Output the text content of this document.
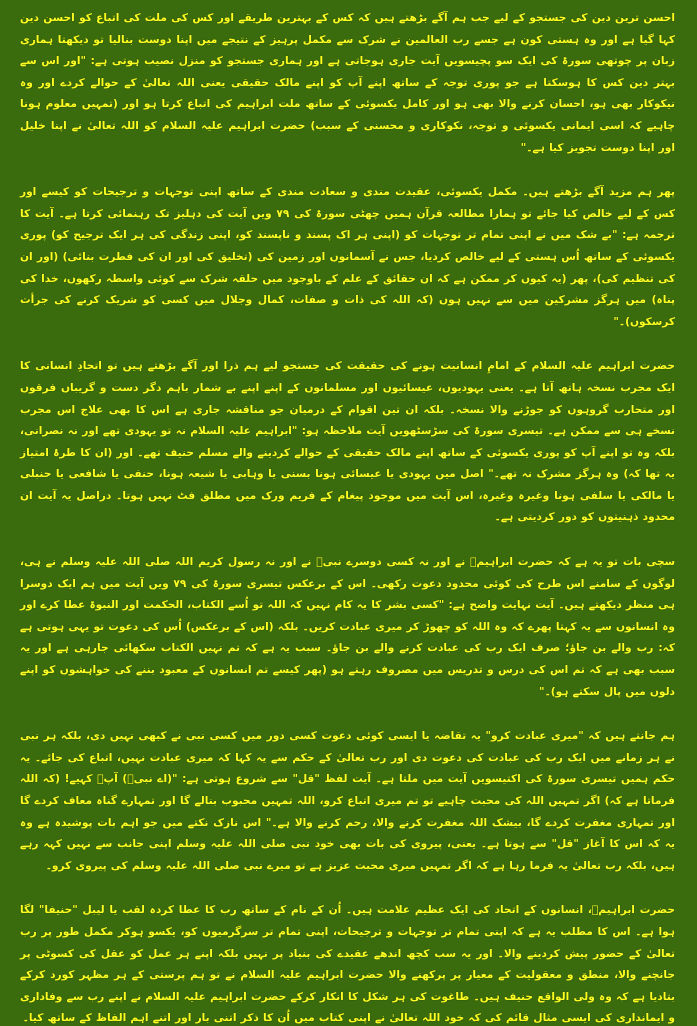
احسن ترین دین کی جستجو کے لیے جب ہم آگے بڑھتے ہیں کہ کس کے بہترین طریقے اور کس کی ملت کی اتباع کو احسن دین کہا گیا ہے اور وہ ہستی کون ہے جسے رب العالمین نے شرک سے مکمل پرہیز کے نتیجے میں اپنا دوست بنالیا تو دیکھتا ہماری زبان پر چوتھی سورۃ کی ایک سو پچیسویں آیت جاری ہوجاتی ہے اور ہماری جستجو کو منزل نصیب ہوتی ہے: "اور اس سے بہتر دین کس کا ہوسکتا ہے جو پوری توجہ کے ساتھ اپنے آپ کو اپنے مالک حقیقی یعنی اللہ تعالیٰ کے حوالے کردے اور وہ نیکوکار بھی ہو، احسان کرنے والا بھی ہو اور کامل یکسوئی کے ساتھ ملت ابراہیم کی اتباع کرتا ہو اور (تمہیں معلوم ہونا چاہیے کہ اسی ایمانی یکسوئی و توجہ، نکوکاری و محسنی کے سبب) حضرت ابراہیم علیہ السلام کو اللہ تعالیٰ نے اپنا خلیل اور اپنا دوست تجویز کیا ہے۔"

پھر ہم مزید آگے بڑھتے ہیں۔ مکمل یکسوئی، عقیدت مندی و سعادت مندی کے ساتھ اپنی توجہات و ترجیحات کو کیسے اور کس کے لیے خالص کیا جائے تو ہمارا مطالعہ قرآن ہمیں چھٹی سورۃ کی ۷۹ ویں آیت کی دہلیز تک رہنمائی کرتا ہے۔ آیت کا ترجمہ ہے: "بے شک میں نے اپنی تمام تر توجہات کو (اپنی ہر اک پسند و ناپسند کو، اپنی زندگی کی ہر ایک ترجیح کو) پوری یکسوئی کے ساتھ اُس ہستی کے لیے خالص کردیا، جس نے آسمانوں اور زمین کی (تخلیق کی اور ان کی فطرت بنائی) (اور ان کی تنظیم کی)، پھر (یہ کیوں کر ممکن ہے کہ ان حقائق کے علم کے باوجود میں حلقہ شرک سے کوئی واسطہ رکھوں، خدا کی پناہ) میں ہرگز مشرکین میں سے نہیں ہوں (کہ اللہ کی ذات و صفات، کمال وجلال میں کسی کو شریک کرنے کی جرأت کرسکوں)۔"

حضرت ابراہیم علیہ السلام کے امامِ انسانیت ہونے کی حقیقت کی جستجو لیے ہم ذرا اور آگے بڑھتے ہیں تو اتحادِ انسانی کا ایک مجرب نسخہ ہاتھ آتا ہے۔ یعنی یہودیوں، عیسائیوں اور مسلمانوں کے اپنے اپنے بے شمار باہم دگر دست و گریباں فرقوں اور متحارب گروہوں کو جوڑنے والا نسخہ۔ بلکہ ان تین اقوام کے درمیان جو مناقشہ جاری ہے اس کا بھی علاج اس مجرب نسخے ہی سے ممکن ہے۔ تیسری سورۃ کی سڑسٹھویں آیت ملاحظہ ہو: "ابراہیم علیہ السلام نہ تو یہودی تھے اور نہ نصرانی، بلکہ وہ تو اپنے آپ کو پوری یکسوئی کے ساتھ اپنے مالک حقیقی کے حوالے کردینے والے مسلم حنیف تھے۔ اور (ان کا طرۂ امتیاز یہ تھا کہ) وہ ہرگز مشرک نہ تھے۔" اصل میں یہودی یا عیسائی ہونا بسنی یا وہابی یا شیعہ ہونا، حنفی یا شافعی یا حنبلی یا مالکی یا سلفی ہونا وغیرہ وغیرہ، اس آیت میں موجود پیغام کے فریم ورک میں مطلق فٹ نہیں ہوتا۔ دراصل یہ آیت ان محدود ذہنیتوں کو دور کردیتی ہے۔

سچی بات تو یہ ہے کہ حضرت ابراہیمؑ نے اور نہ کسی دوسرے نبیؑ نے اور نہ رسول کریم اللہ صلی اللہ علیہ وسلم نے ہی، لوگوں کے سامنے اس طرح کی کوئی محدود دعوت رکھی۔ اس کے برعکس تیسری سورۃ کی ۷۹ ویں آیت میں ہم ایک دوسرا ہی منظر دیکھتے ہیں۔ آیت نہایت واضح ہے: "کسی بشر کا یہ کام نہیں کہ اللہ تو اُسے الکتاب، الحکمت اور النبوۃ عطا کرے اور وہ انسانوں سے یہ کہتا پھرے کہ وہ اللہ کو چھوڑ کر میری عبادت کریں۔ بلکہ (اس کے برعکس) اُس کی دعوت تو یہی ہوتی ہے کہ: رب والے بن جاؤ؛ صرف ایک رب کی عبادت کرنے والے بن جاؤ۔ سبب یہ ہے کہ تم نہیں الکتاب سکھائی جارہی ہے اور یہ سبب بھی ہے کہ تم اس کی درس و تدریس میں مصروف رہتے ہو (پھر کیسے تم انسانوں کے معبود بننے کی خواہشوں کو اپنے دلوں میں پال سکتے ہو)۔"

ہم جانتے ہیں کہ "میری عبادت کرو" یہ تقاضہ یا ایسی کوئی دعوت کسی دور میں کسی نبی نے کبھی نہیں دی، بلکہ ہر نبی نے ہر زمانے میں ایک رب کی عبادت کی دعوت دی اور رب تعالیٰ کے حکم سے یہ کہا کہ میری عبادت نہیں، اتباع کی جائے۔ یہ حکم ہمیں تیسری سورۃ کی اکتیسویں آیت میں ملتا ہے۔ آیت لفظ "قل" سے شروع ہوتی ہے: "(اے نبیؐ) آپؐ کہیے! (کہ اللہ فرماتا ہے کہ) اگر تمہیں اللہ کی محبت چاہیے تو تم میری اتباع کرو، اللہ تمہیں محبوب بنالے گا اور تمہارے گناہ معاف کردے گا اور تمہاری مغفرت کردے گا، بیشک اللہ مغفرت کرنے والا، رحم کرنے والا ہے۔" اس نازک نکتے میں جو اہم بات پوشیدہ ہے وہ یہ کہ اس کا آغاز "قل" سے ہوتا ہے۔ یعنی، پیروی کی بات بھی خود نبی صلی اللہ علیہ وسلم اپنی جانب سے نہیں کہہ رہے ہیں، بلکہ رب تعالیٰ یہ فرما رہا ہے کہ اگر تمہیں میری محبت عزیز ہے تو میرے نبی صلی اللہ علیہ وسلم کی پیروی کرو۔

حضرت ابراہیمؑ، انسانوں کے اتحاد کی ایک عظیم علامت ہیں۔ اُن کے نام کے ساتھ رب کا عطا کردہ لقب یا لیبل "حنیفا" لگا ہوا ہے۔ اس کا مطلب یہ ہے کہ اپنی تمام تر توجہات و ترجیحات، اپنی تمام تر سرگرمیوں کو، یکسو ہوکر مکمل طور پر رب تعالیٰ کے حضور پیش کردینے والا۔ اور یہ سب کچھ اندھے عقیدے کی بنیاد پر نہیں بلکہ اپنے ہر عمل کو عقل کی کسوٹی پر جانچنے والا، منطق و معقولیت کے معیار پر پرکھنے والا حضرت ابراہیم علیہ السلام نے تو ہم پرستی کے ہر مظہر کورد کرکے بتادیا ہے کہ وہ ولی الواقع حنیف ہیں۔ طاغوت کی ہر شکل کا انکار کرکے حضرت ابراہیم علیہ السلام نے اپنے رب سے وفاداری و ایمانداری کی ایسی مثال قائم کی کہ خود اللہ تعالیٰ نے اپنی کتاب میں اُن کا ذکر اتنی بار اور اتنے اہم الفاظ کے ساتھ کیا۔
